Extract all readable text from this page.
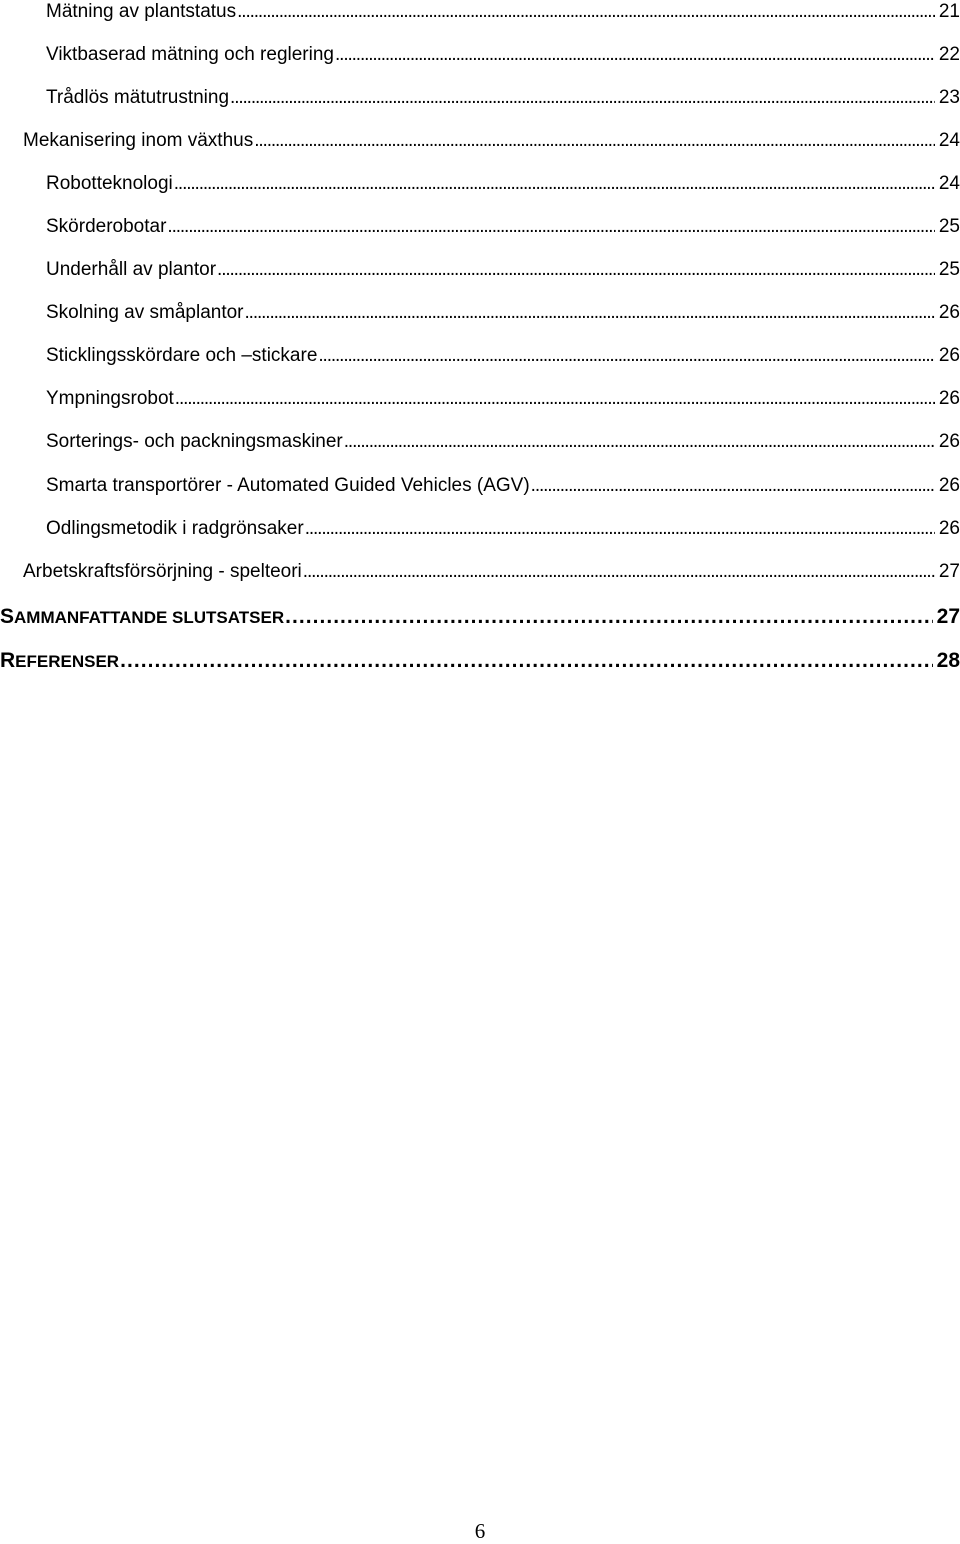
Mätning av plantstatus . . .	21
Viktbaserad mätning och reglering . . .	22
Trådlös mätutrustning . . .	23
Mekanisering inom växthus . . .	24
Robotteknologi . . .	24
Skörderobotar . . .	25
Underhåll av plantor . . .	25
Skolning av småplantor . . .	26
Sticklingsskördare och –stickare . . .	26
Ympningsrobot . . .	26
Sorterings- och packningsmaskiner . . .	26
Smarta transportörer - Automated Guided Vehicles (AGV) . . .	26
Odlingsmetodik i radgrönsaker . . .	26
Arbetskraftsförsörjning - spelteori . . .	27
SAMMANFATTANDE SLUTSATSER . . .	27
REFERENSER . . .	28
6
